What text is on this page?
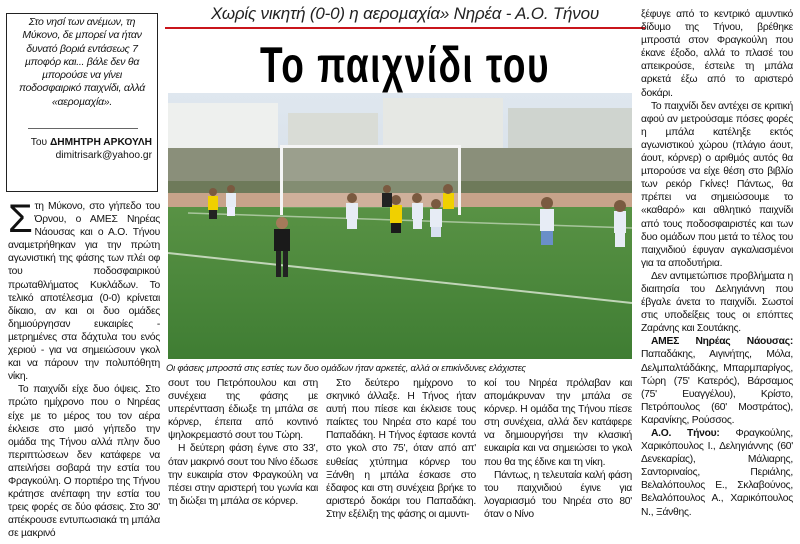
Χωρίς νικητή (0-0) η αεροµαχία» Νηρέα - Α.Ο. Τήνου
Το παιχνίδι του
Στο νησί των ανέµων, τη Μύκονο, δε µπορεί να ήταν δυνατό βοριά εντάσεως 7 µποφόρ και... βάλε δεν θα µπορούσε να γίνει ποδοσφαιρικό παιχνίδι, αλλά «αεροµαχία».
Του ΔΗΜΗΤΡΗ ΑΡΚΟΥΛΗ
dimitrisark@yahoo.gr

Στη Μύκονο, στο γήπεδο του Όρνου, ο ΑΜΕΣ Νηρέας Νάουσας και ο Α.Ο. Τήνου αναµετρήθηκαν για την πρώτη αγωνιστική της φάσης των πλέι οφ του ποδοσφαιρικού πρωταθλήµατος Κυκλάδων. Το τελικό αποτέλεσµα (0-0) κρίνεται δίκαιο, αν και οι δυο οµάδες δηµιούργησαν ευκαιρίες - µετρηµένες στα δάχτυλα του ενός χεριού - για να σηµειώσουν γκολ και να πάρουν την πολυπόθητη νίκη.

Το παιχνίδι είχε δυο όψεις. Στο πρώτο ηµίχρονο που ο Νηρέας είχε µε το µέρος του τον αέρα έκλεισε στο µισό γήπεδο την οµάδα της Τήνου αλλά πλην δυο περιπτώσεων δεν κατάφερε να απειλήσει σοβαρά την εστία του Φραγκούλη. Ο πορτιέρο της Τήνου κράτησε ανέπαφη την εστία του τρεις φορές σε δύο φάσεις. Στο 30' απέκρουσε εντυπωσιακά τη µπάλα σε µακρινό

Οι φάσεις µπροστά στις εστίες των δυο οµάδων ήταν αρκετές, αλλά οι επικίνδυνες ελάχιστες

σουτ του Πετρόπουλου και στη συνέχεια της φάσης µε υπερέντταση έδιωξε τη µπάλα σε κόρνερ, έπειτα από κοντινό ψηλοκρεµαστό σουτ του Τώρη.

Η δεύτερη φάση έγινε στο 33', όταν µακρινό σουτ του Νίνο έδωσε την ευκαιρία στον Φραγκούλη να πέσει στην αριστερή του γωνία και τη διώξει τη µπάλα σε κόρνερ.

Στο δεύτερο ηµίχρονο το σκηνικό άλλαξε. Η Τήνος ήταν αυτή που πίεσε και έκλεισε τους παίκτες του Νηρέα στο καρέ του Παπαδάκη. Η Τήνος έφτασε κοντά στο γκολ στο 75', όταν από απ' ευθείας χτύπηµα κόρνερ του Ξάνθη η µπάλα έσκασε στο έδαφος και στη συνέχεια βρήκε το αριστερό δοκάρι του Παπαδάκη. Στην εξέλιξη της φάσης οι αµυντι-

κοί του Νηρέα πρόλαβαν και αποµάκρυναν την µπάλα σε κόρνερ. Η οµάδα της Τήνου πίεσε στη συνέχεια, αλλά δεν κατάφερε να δηµιουργήσει την κλασική ευκαιρία και να σηµειώσει το γκολ που θα της έδινε και τη νίκη.

Πάντως, η τελευταία καλή φάση του παιχνιδιού έγινε για λογαριασµό του Νηρέα στο 80' όταν ο Νίνο

ξέφυγε από το κεντρικό αµυντικό δίδυµο της Τήνου, βρέθηκε µπροστά στον Φραγκούλη που έκανε έξοδο, αλλά το πλασέ του απεικρούσε, έστειλε τη µπάλα αρκετά έξω από το αριστερό δοκάρι.

Το παιχνίδι δεν αντέχει σε κριτική αφού αν µετρούσαµε πόσες φορές η µπάλα κατέληξε εκτός αγωνιστικού χώρου (πλάγιο άουτ, άουτ, κόρνερ) ο αριθµός αυτός θα µπορούσε να είχε θέση στο βιβλίο των ρεκόρ Γκίνες! Πάντως, θα πρέπει να σηµειώσουµε το «καθαρό» και αθλητικό παιχνίδι από τους ποδοσφαιριστές και των δυο οµάδων που µετά το τέλος του παιχνιδιού έφυγαν αγκαλιασµένοι για τα αποδυτήρια.

Δεν αντιµετώπισε προβλήµατα η διαιτησία του Δεληγιάννη που έβγαλε άνετα το παιχνίδι. Σωστοί στις υποδείξεις τους οι επόπτες Ζαράνης και Σουτάκης.

ΑΜΕΣ Νηρέας Νάουσας: Παπαδάκης, Αιγινήτης, Μόλα, Δελµπαλτάδάκης, Μπαρµπαρίγος, Τώρη (75' Κατερός), Βάρσαµος (75' Ευαγγέλου), Κρίστο, Πετρόπουλος (60' Μοστράτος), Καρανίκης, Ρούσσος.

Α.Ο. Τήνου: Φραγκούλης, Χαρικόπουλος Ι., Δεληγιάννης (60' Δενεκαρίας), Μάλιαρης, Σαντοριναίος, Περιάλης, Βελαλόπουλος Ε., Σκλαβούνος, Βελαλόπουλος Α., Χαρικόπουλος Ν., Ξάνθης.
